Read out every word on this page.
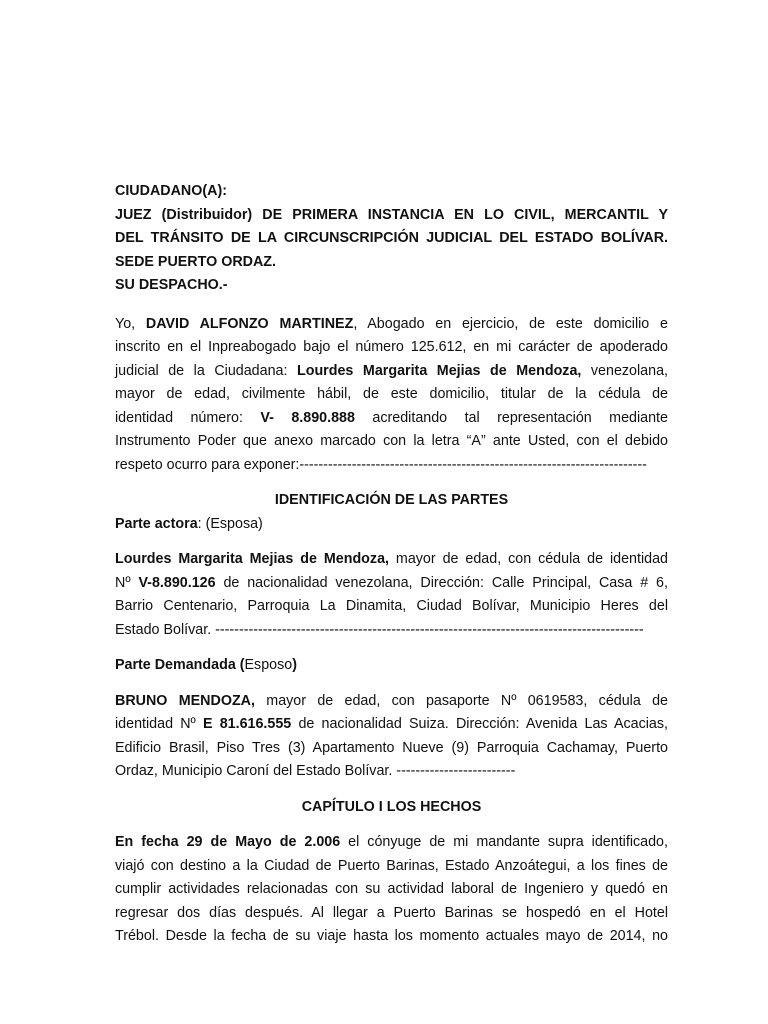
CIUDADANO(A):
JUEZ (Distribuidor) DE PRIMERA INSTANCIA EN LO CIVIL, MERCANTIL Y
DEL TRÁNSITO DE LA CIRCUNSCRIPCIÓN JUDICIAL DEL ESTADO BOLÍVAR.
SEDE PUERTO ORDAZ.
SU DESPACHO.-
Yo, DAVID ALFONZO MARTINEZ, Abogado en ejercicio, de este domicilio e
inscrito en el Inpreabogado bajo el número 125.612, en mi carácter de apoderado
judicial de la Ciudadana: Lourdes Margarita Mejias de Mendoza, venezolana,
mayor de edad, civilmente hábil, de este domicilio, titular de la cédula de
identidad número: V- 8.890.888 acreditando tal representación mediante
Instrumento Poder que anexo marcado con la letra “A” ante Usted, con el debido
respeto ocurro para exponer:-------------------------------------------------------------------------
IDENTIFICACIÓN DE LAS PARTES
Parte actora: (Esposa)
Lourdes Margarita Mejias de Mendoza, mayor de edad, con cédula de identidad
Nº V-8.890.126 de nacionalidad venezolana, Dirección: Calle Principal, Casa # 6,
Barrio Centenario, Parroquia La Dinamita, Ciudad Bolívar, Municipio Heres del
Estado Bolívar. ------------------------------------------------------------------------------------------
Parte Demandada (Esposo)
BRUNO MENDOZA, mayor de edad, con pasaporte Nº 0619583, cédula de
identidad Nº E 81.616.555 de nacionalidad Suiza. Dirección: Avenida Las Acacias,
Edificio Brasil, Piso Tres (3) Apartamento Nueve (9) Parroquia Cachamay, Puerto
Ordaz, Municipio Caroní del Estado Bolívar. -------------------------
CAPÍTULO I LOS HECHOS
En fecha 29 de Mayo de 2.006 el cónyuge de mi mandante supra identificado,
viajó con destino a la Ciudad de Puerto Barinas, Estado Anzoátegui, a los fines de
cumplir actividades relacionadas con su actividad laboral de Ingeniero y quedó en
regresar dos días después. Al llegar a Puerto Barinas se hospedó en el Hotel
Trébol. Desde la fecha de su viaje hasta los momento actuales mayo de 2014, no
